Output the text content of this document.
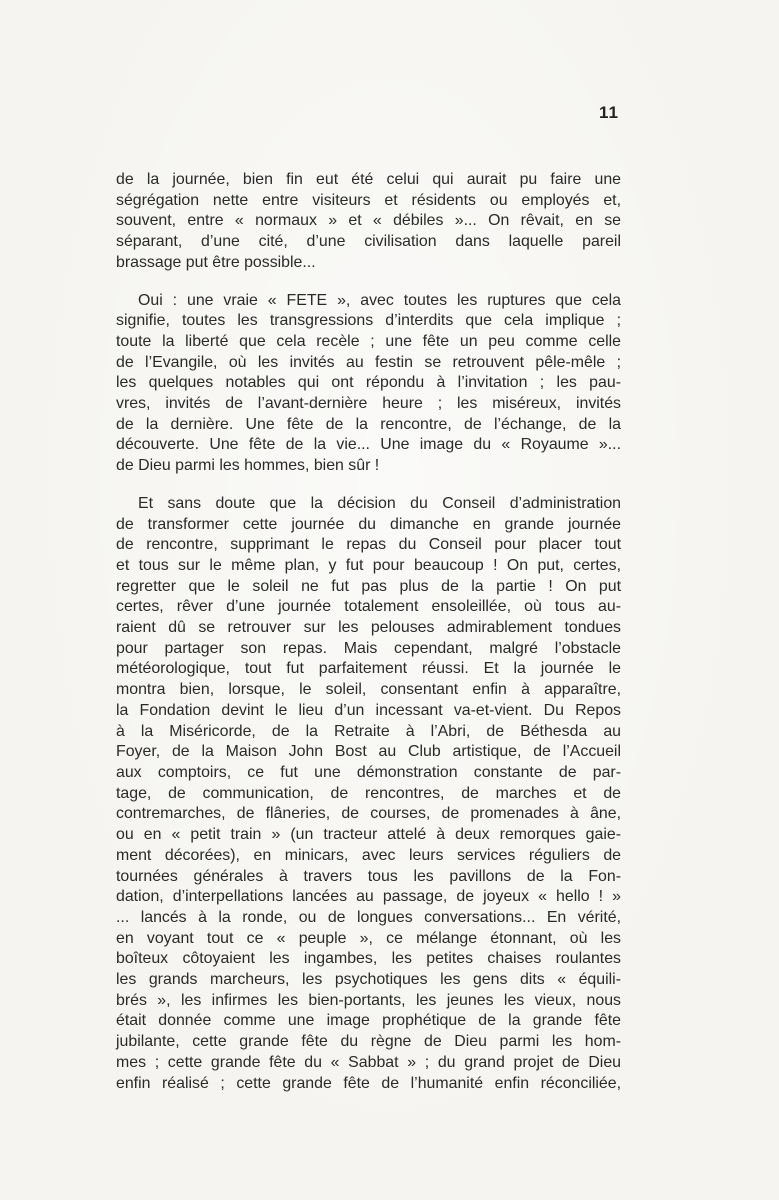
11

de la journée, bien fin eut été celui qui aurait pu faire une
ségrégation nette entre visiteurs et résidents ou employés et,
souvent, entre « normaux » et « débiles »... On rêvait, en se
séparant, d’une cité, d’une civilisation dans laquelle pareil
brassage put être possible...

Oui : une vraie « FETE », avec toutes les ruptures que cela
signifie, toutes les transgressions d’interdits que cela implique ;
toute la liberté que cela recèle ; une fête un peu comme celle
de l’Evangile, où les invités au festin se retrouvent pêle-mêle ;
les quelques notables qui ont répondu à l’invitation ; les pau-
vres, invités de l’avant-dernière heure ; les miséreux, invités
de la dernière. Une fête de la rencontre, de l’échange, de la
découverte. Une fête de la vie... Une image du « Royaume »...
de Dieu parmi les hommes, bien sûr !

Et sans doute que la décision du Conseil d’administration
de transformer cette journée du dimanche en grande journée
de rencontre, supprimant le repas du Conseil pour placer tout
et tous sur le même plan, y fut pour beaucoup ! On put, certes,
regretter que le soleil ne fut pas plus de la partie ! On put
certes, rêver d’une journée totalement ensoleillée, où tous au-
raient dû se retrouver sur les pelouses admirablement tondues
pour partager son repas. Mais cependant, malgré l’obstacle
météorologique, tout fut parfaitement réussi. Et la journée le
montra bien, lorsque, le soleil, consentant enfin à apparaître,
la Fondation devint le lieu d’un incessant va-et-vient. Du Repos
à la Miséricorde, de la Retraite à l’Abri, de Béthesda au
Foyer, de la Maison John Bost au Club artistique, de l’Accueil
aux comptoirs, ce fut une démonstration constante de par-
tage, de communication, de rencontres, de marches et de
contremarches, de flâneries, de courses, de promenades à âne,
ou en « petit train » (un tracteur attelé à deux remorques gaie-
ment décorées), en minicars, avec leurs services réguliers de
tournées générales à travers tous les pavillons de la Fon-
dation, d’interpellations lancées au passage, de joyeux « hello ! »
... lancés à la ronde, ou de longues conversations... En vérité,
en voyant tout ce « peuple », ce mélange étonnant, où les
boîteux côtoyaient les ingambes, les petites chaises roulantes
les grands marcheurs, les psychotiques les gens dits « équili-
brés », les infirmes les bien-portants, les jeunes les vieux, nous
était donnée comme une image prophétique de la grande fête
jubilante, cette grande fête du règne de Dieu parmi les hom-
mes ; cette grande fête du « Sabbat » ; du grand projet de Dieu
enfin réalisé ; cette grande fête de l’humanité enfin réconciliée,
